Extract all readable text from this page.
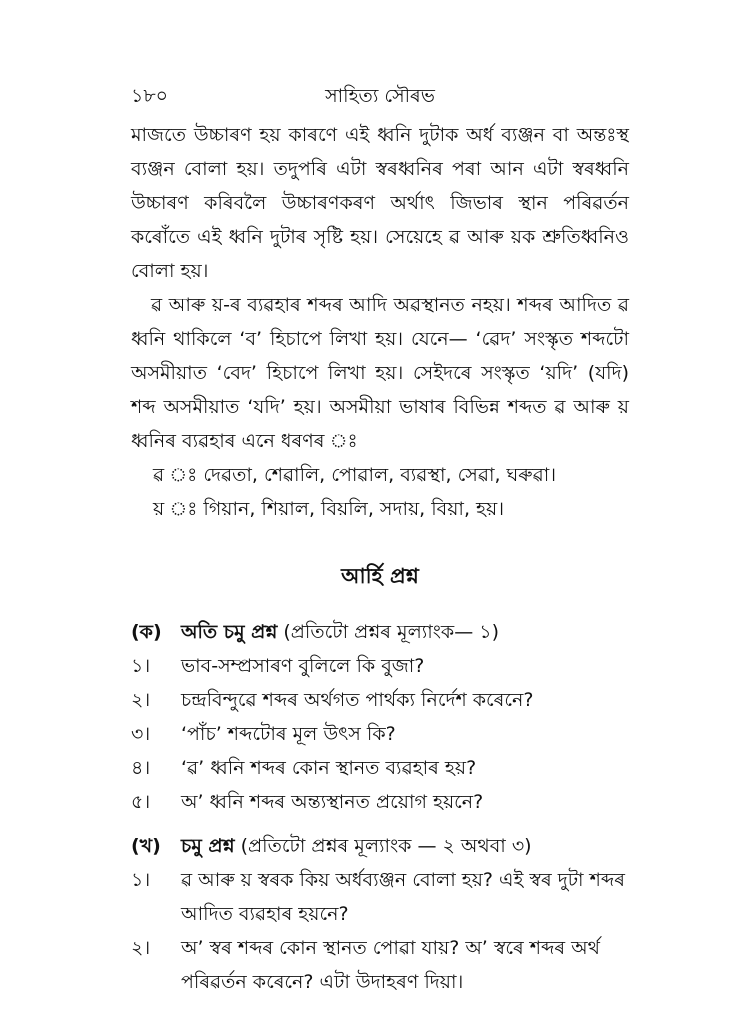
১৮০	সাহিত্য সৌৰভ

মাজতে উচ্চাৰণ হয় কাৰণে এই ধ্বনি দুটাক অৰ্ধ ব্যঞ্জন বা অন্তঃস্থ ব্যঞ্জন বোলা হয়। তদুপৰি এটা স্বৰধ্বনিৰ পৰা আন এটা স্বৰধ্বনি উচ্চাৰণ কৰিবলৈ উচ্চাৰণকৰণ অৰ্থাৎ জিভাৰ স্থান পৰিৱৰ্তন কৰোঁতে এই ধ্বনি দুটাৰ সৃষ্টি হয়। সেয়েহে ৱ আৰু য়ক শ্ৰুতিধ্বনিও বোলা হয়।

ৱ আৰু য়-ৰ ব্যৱহাৰ শব্দৰ আদি অৱস্থানত নহয়। শব্দৰ আদিত ৱ ধ্বনি থাকিলে ‘ব’ হিচাপে লিখা হয়। যেনে— ‘ৱেদ’ সংস্কৃত শব্দটো অসমীয়াত ‘বেদ’ হিচাপে লিখা হয়। সেইদৰে সংস্কৃত ‘য়দি’ (যদি) শব্দ অসমীয়াত ‘যদি’ হয়। অসমীয়া ভাষাৰ বিভিন্ন শব্দত ৱ আৰু য় ধ্বনিৰ ব্যৱহাৰ এনে ধৰণৰ ঃ

ৱ ঃ দেৱতা, শেৱালি, পোৱাল, ব্যৱস্থা, সেৱা, ঘৰুৱা।
য় ঃ গিয়ান, শিয়াল, বিয়লি, সদায়, বিয়া, হয়।
আৰ্হি প্ৰশ্ন
(ক)	অতি চমু প্ৰশ্ন (প্ৰতিটো প্ৰশ্নৰ মূল্যাংক— ১)
১।	ভাব-সম্প্ৰসাৰণ বুলিলে কি বুজা?
২।	চন্দ্ৰবিন্দুৱে শব্দৰ অৰ্থগত পাৰ্থক্য নিৰ্দেশ কৰেনে?
৩।	‘পাঁচ’ শব্দটোৰ মূল উৎস কি?
৪।	‘ৱ’ ধ্বনি শব্দৰ কোন স্থানত ব্যৱহাৰ হয়?
৫।	অ’ ধ্বনি শব্দৰ অন্ত্যস্থানত প্ৰয়োগ হয়নে?
(খ)	চমু প্ৰশ্ন (প্ৰতিটো প্ৰশ্নৰ মূল্যাংক — ২ অথবা ৩)
১।	ৱ আৰু য় স্বৰক কিয় অৰ্ধব্যঞ্জন বোলা হয়? এই স্বৰ দুটা শব্দৰ আদিত ব্যৱহাৰ হয়নে?
২।	অ’ স্বৰ শব্দৰ কোন স্থানত পোৱা যায়? অ’ স্বৰে শব্দৰ অৰ্থ পৰিৱৰ্তন কৰেনে? এটা উদাহৰণ দিয়া।
